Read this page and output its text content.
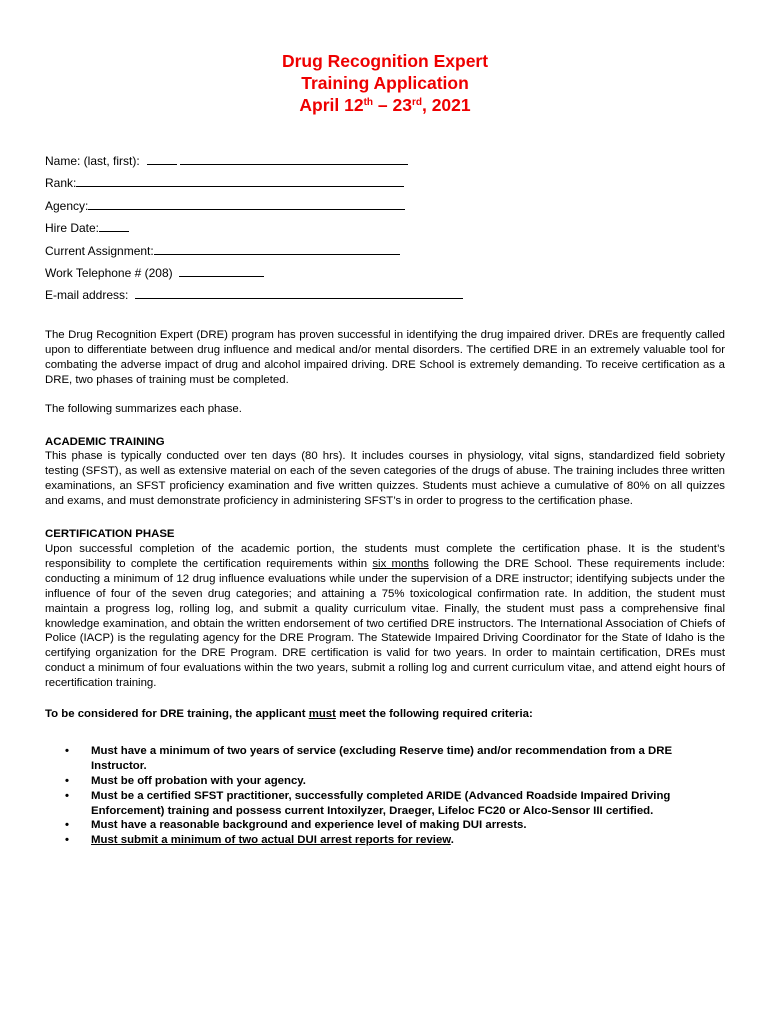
Drug Recognition Expert
Training Application
April 12th – 23rd, 2021
Name: (last, first):
Rank:
Agency:
Hire Date:
Current Assignment:
Work Telephone # (208)
E-mail address:

The Drug Recognition Expert (DRE) program has proven successful in identifying the drug impaired driver. DREs are frequently called upon to differentiate between drug influence and medical and/or mental disorders. The certified DRE in an extremely valuable tool for combating the adverse impact of drug and alcohol impaired driving. DRE School is extremely demanding. To receive certification as a DRE, two phases of training must be completed.

The following summarizes each phase.

ACADEMIC TRAINING

This phase is typically conducted over ten days (80 hrs). It includes courses in physiology, vital signs, standardized field sobriety testing (SFST), as well as extensive material on each of the seven categories of the drugs of abuse. The training includes three written examinations, an SFST proficiency examination and five written quizzes. Students must achieve a cumulative of 80% on all quizzes and exams, and must demonstrate proficiency in administering SFST’s in order to progress to the certification phase.

CERTIFICATION PHASE

Upon successful completion of the academic portion, the students must complete the certification phase. It is the student’s responsibility to complete the certification requirements within six months following the DRE School. These requirements include: conducting a minimum of 12 drug influence evaluations while under the supervision of a DRE instructor; identifying subjects under the influence of four of the seven drug categories; and attaining a 75% toxicological confirmation rate. In addition, the student must maintain a progress log, rolling log, and submit a quality curriculum vitae. Finally, the student must pass a comprehensive final knowledge examination, and obtain the written endorsement of two certified DRE instructors. The International Association of Chiefs of Police (IACP) is the regulating agency for the DRE Program. The Statewide Impaired Driving Coordinator for the State of Idaho is the certifying organization for the DRE Program. DRE certification is valid for two years. In order to maintain certification, DREs must conduct a minimum of four evaluations within the two years, submit a rolling log and current curriculum vitae, and attend eight hours of recertification training.

To be considered for DRE training, the applicant must meet the following required criteria:
• Must have a minimum of two years of service (excluding Reserve time) and/or recommendation from a DRE Instructor.
• Must be off probation with your agency.
• Must be a certified SFST practitioner, successfully completed ARIDE (Advanced Roadside Impaired Driving Enforcement) training and possess current Intoxilyzer, Draeger, Lifeloc FC20 or Alco-Sensor III certified.
• Must have a reasonable background and experience level of making DUI arrests.
• Must submit a minimum of two actual DUI arrest reports for review.
